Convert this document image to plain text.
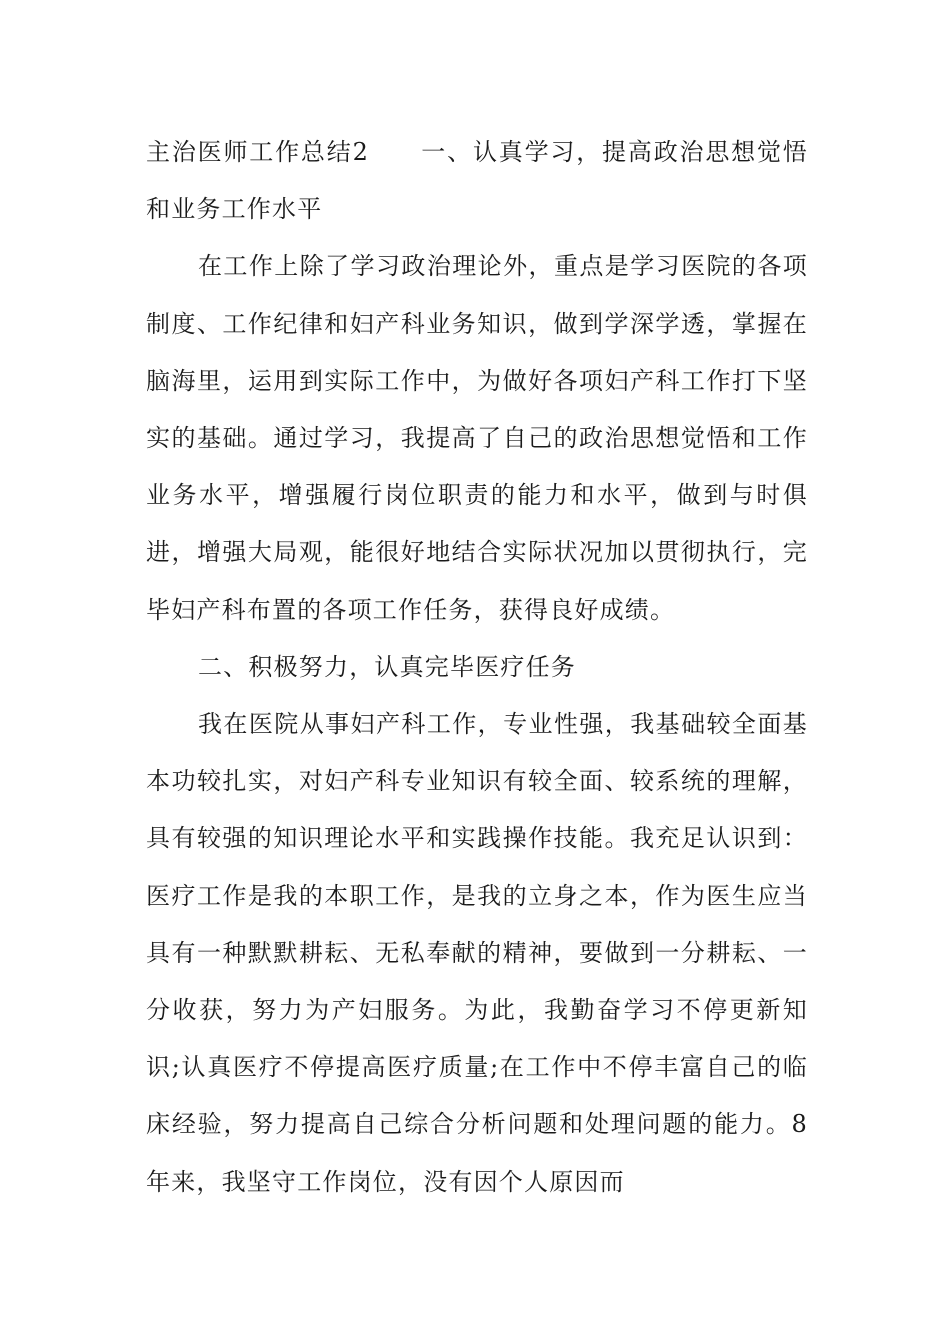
主治医师工作总结2　　一、认真学习，提高政治思想觉悟和业务工作水平

在工作上除了学习政治理论外，重点是学习医院的各项制度、工作纪律和妇产科业务知识，做到学深学透，掌握在脑海里，运用到实际工作中，为做好各项妇产科工作打下坚实的基础。通过学习，我提高了自己的政治思想觉悟和工作业务水平，增强履行岗位职责的能力和水平，做到与时俱进，增强大局观，能很好地结合实际状况加以贯彻执行，完毕妇产科布置的各项工作任务，获得良好成绩。

二、积极努力，认真完毕医疗任务

我在医院从事妇产科工作，专业性强，我基础较全面基本功较扎实，对妇产科专业知识有较全面、较系统的理解，具有较强的知识理论水平和实践操作技能。我充足认识到：医疗工作是我的本职工作，是我的立身之本，作为医生应当具有一种默默耕耘、无私奉献的精神，要做到一分耕耘、一分收获，努力为产妇服务。为此，我勤奋学习不停更新知识;认真医疗不停提高医疗质量;在工作中不停丰富自己的临床经验，努力提高自己综合分析问题和处理问题的能力。8年来，我坚守工作岗位，没有因个人原因而
